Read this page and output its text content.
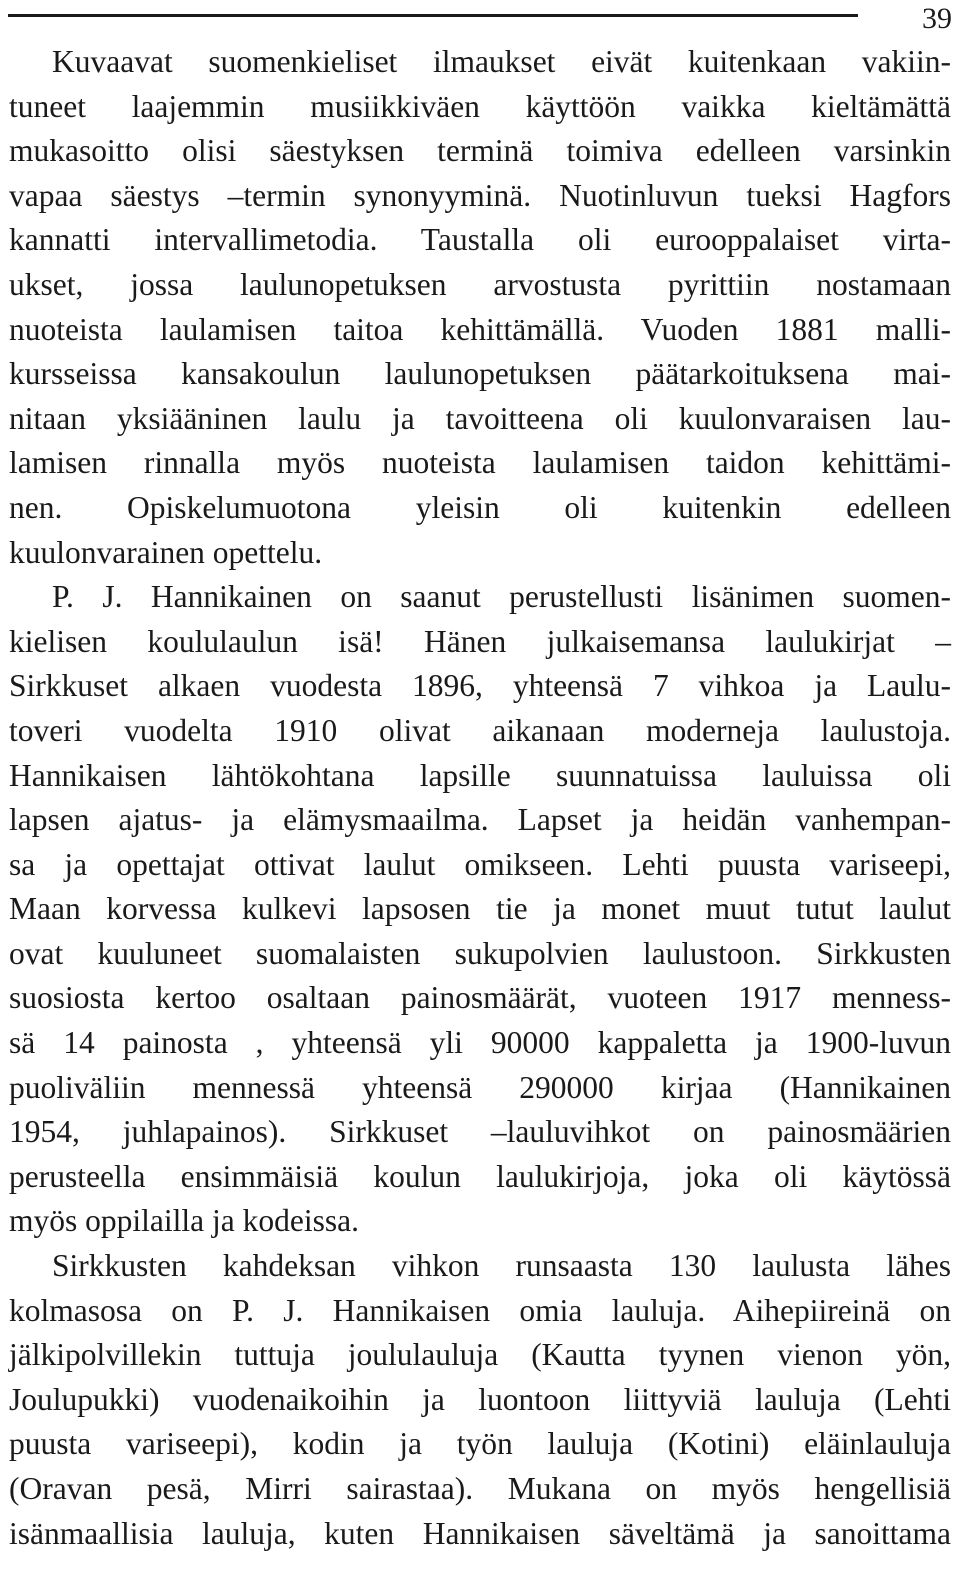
39
Kuvaavat suomenkieliset ilmaukset eivät kuitenkaan vakiin-
tuneet laajemmin musiikkiväen käyttöön vaikka kieltämättä
mukasoitto olisi säestyksen terminä toimiva edelleen varsinkin
vapaa säestys –termin synonyyminä. Nuotinluvun tueksi Hagfors
kannatti intervallimetodia. Taustalla oli eurooppalaiset virta-
ukset, jossa laulunopetuksen arvostusta pyrittiin nostamaan
nuoteista laulamisen taitoa kehittämällä. Vuoden 1881 malli-
kursseissa kansakoulun laulunopetuksen päätarkoituksena mai-
nitaan yksiääninen laulu ja tavoitteena oli kuulonvaraisen lau-
lamisen rinnalla myös nuoteista laulamisen taidon kehittämi-
nen. Opiskelumuotona yleisin oli kuitenkin edelleen
kuulonvarainen opettelu.
P. J. Hannikainen on saanut perustellusti lisänimen suomen-
kielisen koululaulun isä! Hänen julkaisemansa laulukirjat –
Sirkkuset alkaen vuodesta 1896, yhteensä 7 vihkoa ja Laulu-
toveri vuodelta 1910 olivat aikanaan moderneja laulustoja.
Hannikaisen lähtökohtana lapsille suunnatuissa lauluissa oli
lapsen ajatus- ja elämysmaailma. Lapset ja heidän vanhempan-
sa ja opettajat ottivat laulut omikseen. Lehti puusta variseepi,
Maan korvessa kulkevi lapsosen tie ja monet muut tutut laulut
ovat kuuluneet suomalaisten sukupolvien laulustoon. Sirkkusten
suosiosta kertoo osaltaan painosmäärät, vuoteen 1917 menness-
sä 14 painosta , yhteensä yli 90000 kappaletta ja 1900-luvun
puoliväliin mennessä yhteensä 290000 kirjaa (Hannikainen
1954, juhlapainos). Sirkkuset –lauluvihkot on painosmäärien
perusteella ensimmäisiä koulun laulukirjoja, joka oli käytössä
myös oppilailla ja kodeissa.
Sirkkusten kahdeksan vihkon runsaasta 130 laulusta lähes
kolmasosa on P. J. Hannikaisen omia lauluja. Aihepiireinä on
jälkipolvillekin tuttuja joululauluja (Kautta tyynen vienon yön,
Joulupukki) vuodenaikoihin ja luontoon liittyviä lauluja (Lehti
puusta variseepi), kodin ja työn lauluja (Kotini) eläinlauluja
(Oravan pesä, Mirri sairastaa). Mukana on myös hengellisiä
isänmaallisia lauluja, kuten Hannikaisen säveltämä ja sanoittama
